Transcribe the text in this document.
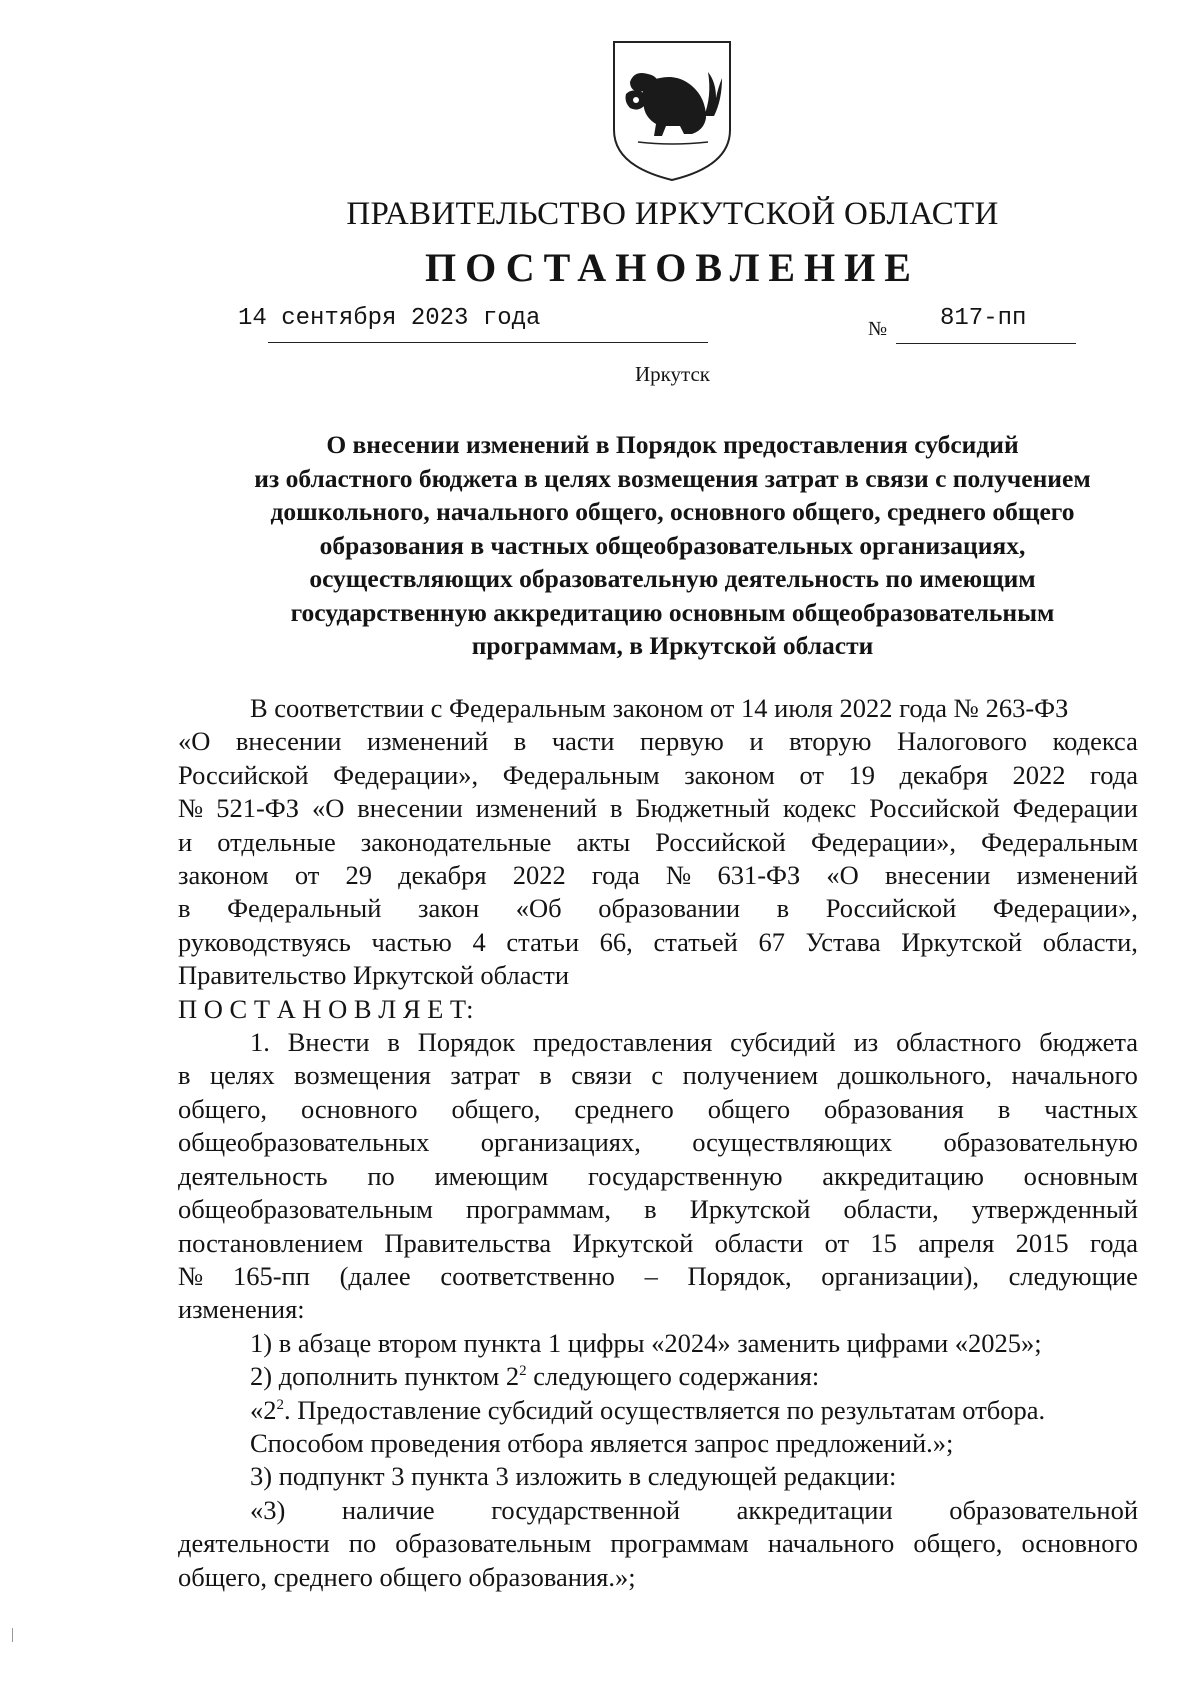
ПРАВИТЕЛЬСТВО ИРКУТСКОЙ ОБЛАСТИ
ПОСТАНОВЛЕНИЕ
14 сентября 2023 года	№ 817-пп
Иркутск
О внесении изменений в Порядок предоставления субсидий
из областного бюджета в целях возмещения затрат в связи с получением
дошкольного, начального общего, основного общего, среднего общего
образования в частных общеобразовательных организациях,
осуществляющих образовательную деятельность по имеющим
государственную аккредитацию основным общеобразовательным
программам, в Иркутской области
В соответствии с Федеральным законом от 14 июля 2022 года № 263-ФЗ
«О внесении изменений в части первую и вторую Налогового кодекса
Российской Федерации», Федеральным законом от 19 декабря 2022 года
№ 521-ФЗ «О внесении изменений в Бюджетный кодекс Российской Федерации
и отдельные законодательные акты Российской Федерации», Федеральным
законом от 29 декабря 2022 года № 631-ФЗ «О внесении изменений
в Федеральный закон «Об образовании в Российской Федерации»,
руководствуясь частью 4 статьи 66, статьей 67 Устава Иркутской области,
Правительство Иркутской области
П О С Т А Н О В Л Я Е Т:
1. Внести в Порядок предоставления субсидий из областного бюджета
в целях возмещения затрат в связи с получением дошкольного, начального
общего, основного общего, среднего общего образования в частных
общеобразовательных организациях, осуществляющих образовательную
деятельность по имеющим государственную аккредитацию основным
общеобразовательным программам, в Иркутской области, утвержденный
постановлением Правительства Иркутской области от 15 апреля 2015 года
№ 165-пп (далее соответственно – Порядок, организации), следующие
изменения:
1) в абзаце втором пункта 1 цифры «2024» заменить цифрами «2025»;
2) дополнить пунктом $2^2$ следующего содержания:
«$2^2$. Предоставление субсидий осуществляется по результатам отбора.
Способом проведения отбора является запрос предложений.»;
3) подпункт 3 пункта 3 изложить в следующей редакции:
«3) наличие государственной аккредитации образовательной
деятельности по образовательным программам начального общего, основного
общего, среднего общего образования.»;
